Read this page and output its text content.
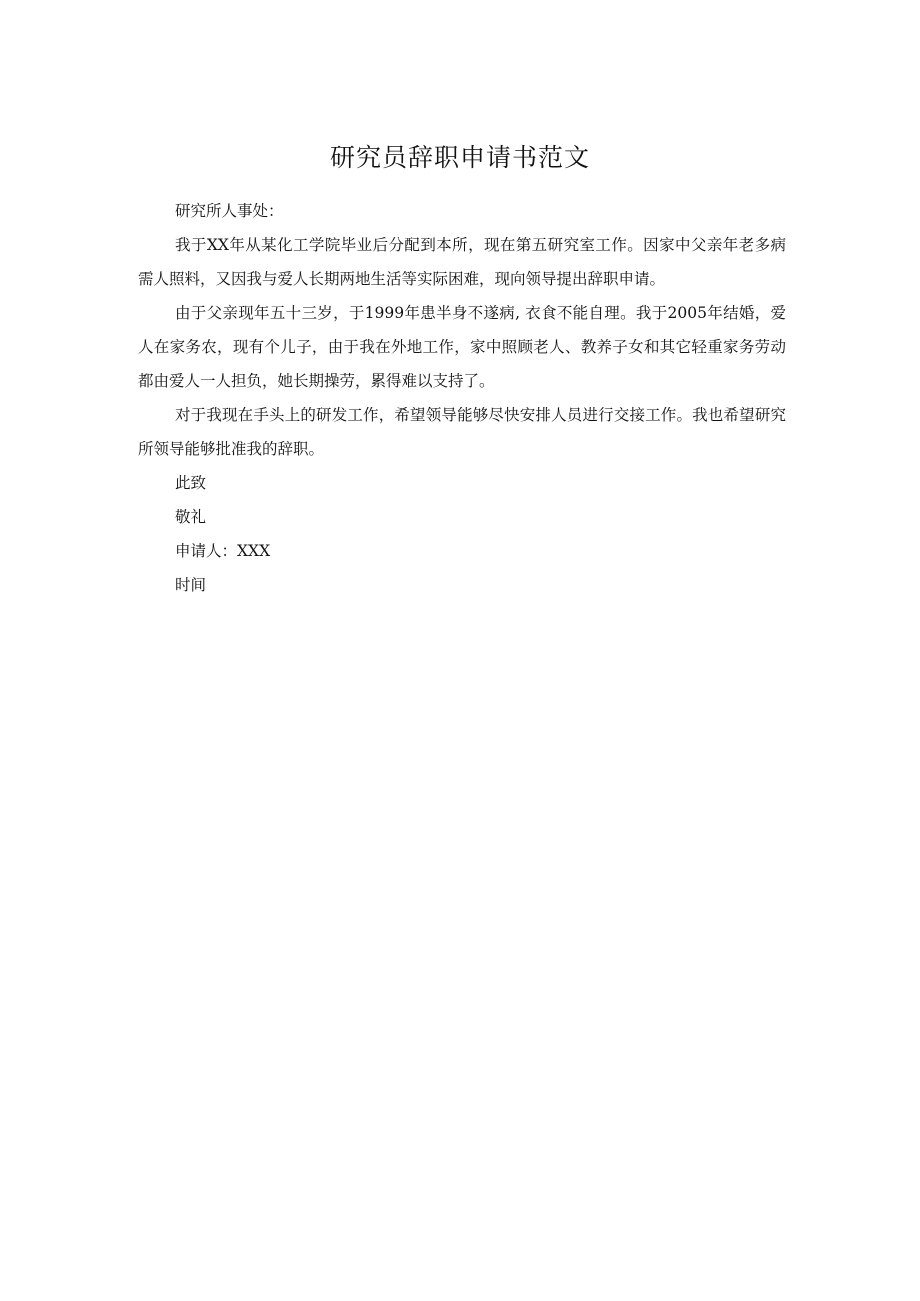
研究员辞职申请书范文

研究所人事处：

我于XX年从某化工学院毕业后分配到本所，现在第五研究室工作。因家中父亲年老多病需人照料，又因我与爱人长期两地生活等实际困难，现向领导提出辞职申请。

由于父亲现年五十三岁，于1999年患半身不遂病, 衣食不能自理。我于2005年结婚，爱人在家务农，现有个儿子，由于我在外地工作，家中照顾老人、教养子女和其它轻重家务劳动都由爱人一人担负，她长期操劳，累得难以支持了。

对于我现在手头上的研发工作，希望领导能够尽快安排人员进行交接工作。我也希望研究所领导能够批准我的辞职。

此致

敬礼

申请人：XXX

时间
